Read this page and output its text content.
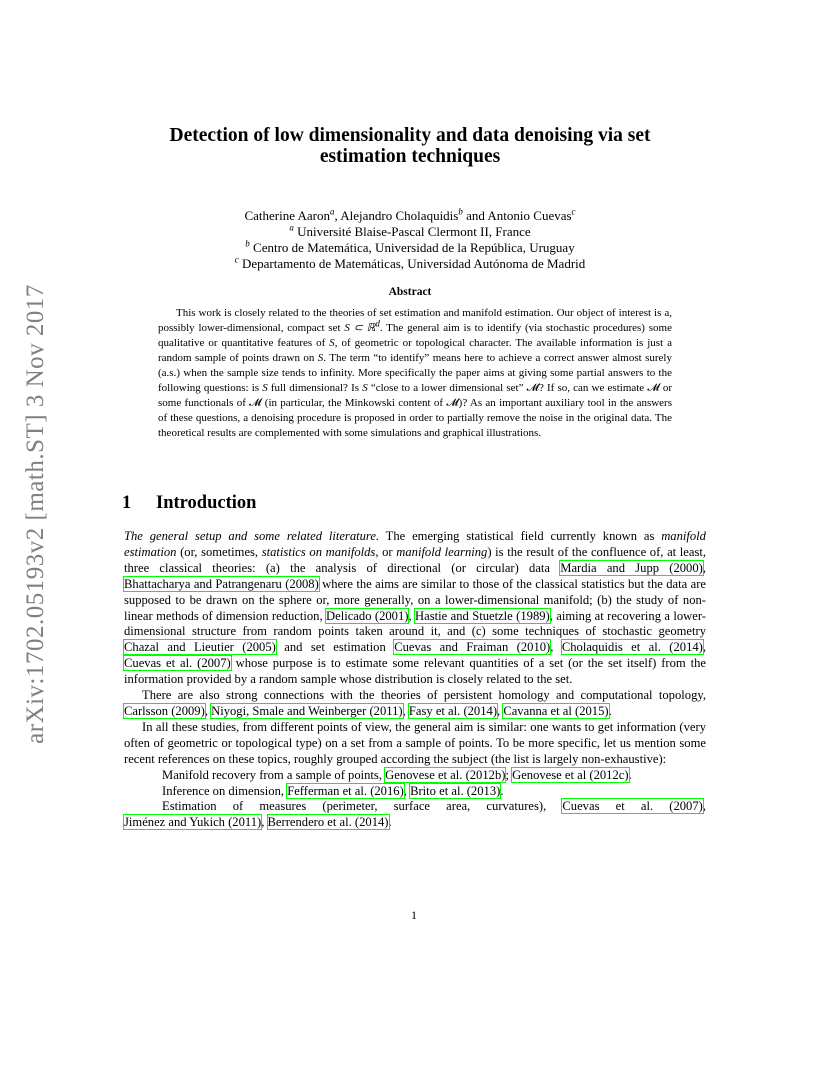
arXiv:1702.05193v2 [math.ST] 3 Nov 2017
Detection of low dimensionality and data denoising via set
estimation techniques
Catherine Aaron$^a$, Alejandro Cholaquidis$^b$ and Antonio Cuevas$^c$
$^a$ Université Blaise-Pascal Clermont II, France
$^b$ Centro de Matemática, Universidad de la República, Uruguay
$^c$ Departamento de Matemáticas, Universidad Autónoma de Madrid
Abstract
This work is closely related to the theories of set estimation and manifold estimation. Our object of interest is a, possibly lower-dimensional, compact set S ⊂ ℝ$^d$. The general aim is to identify (via stochastic procedures) some qualitative or quantitative features of S, of geometric or topological character. The available information is just a random sample of points drawn on S. The term “to identify” means here to achieve a correct answer almost surely (a.s.) when the sample size tends to infinity. More specifically the paper aims at giving some partial answers to the following questions: is S full dimensional? Is S “close to a lower dimensional set” 𝓜? If so, can we estimate 𝓜 or some functionals of 𝓜 (in particular, the Minkowski content of 𝓜)? As an important auxiliary tool in the answers of these questions, a denoising procedure is proposed in order to partially remove the noise in the original data. The theoretical results are complemented with some simulations and graphical illustrations.
1 Introduction

The general setup and some related literature. The emerging statistical field currently known as manifold estimation (or, sometimes, statistics on manifolds, or manifold learning) is the result of the confluence of, at least, three classical theories: (a) the analysis of directional (or circular) data Mardia and Jupp (2000), Bhattacharya and Patrangenaru (2008) where the aims are similar to those of the classical statistics but the data are supposed to be drawn on the sphere or, more generally, on a lower-dimensional manifold; (b) the study of non-linear methods of dimension reduction, Delicado (2001), Hastie and Stuetzle (1989), aiming at recovering a lower-dimensional structure from random points taken around it, and (c) some techniques of stochastic geometry Chazal and Lieutier (2005) and set estimation Cuevas and Fraiman (2010), Cholaquidis et al. (2014), Cuevas et al. (2007) whose purpose is to estimate some relevant quantities of a set (or the set itself) from the information provided by a random sample whose distribution is closely related to the set.

There are also strong connections with the theories of persistent homology and computational topology, Carlsson (2009), Niyogi, Smale and Weinberger (2011), Fasy et al. (2014), Cavanna et al (2015).

In all these studies, from different points of view, the general aim is similar: one wants to get information (very often of geometric or topological type) on a set from a sample of points. To be more specific, let us mention some recent references on these topics, roughly grouped according the subject (the list is largely non-exhaustive):

Manifold recovery from a sample of points, Genovese et al. (2012b); Genovese et al (2012c).

Inference on dimension, Fefferman et al. (2016), Brito et al. (2013).

Estimation of measures (perimeter, surface area, curvatures), Cuevas et al. (2007), Jiménez and Yukich (2011), Berrendero et al. (2014).

1
